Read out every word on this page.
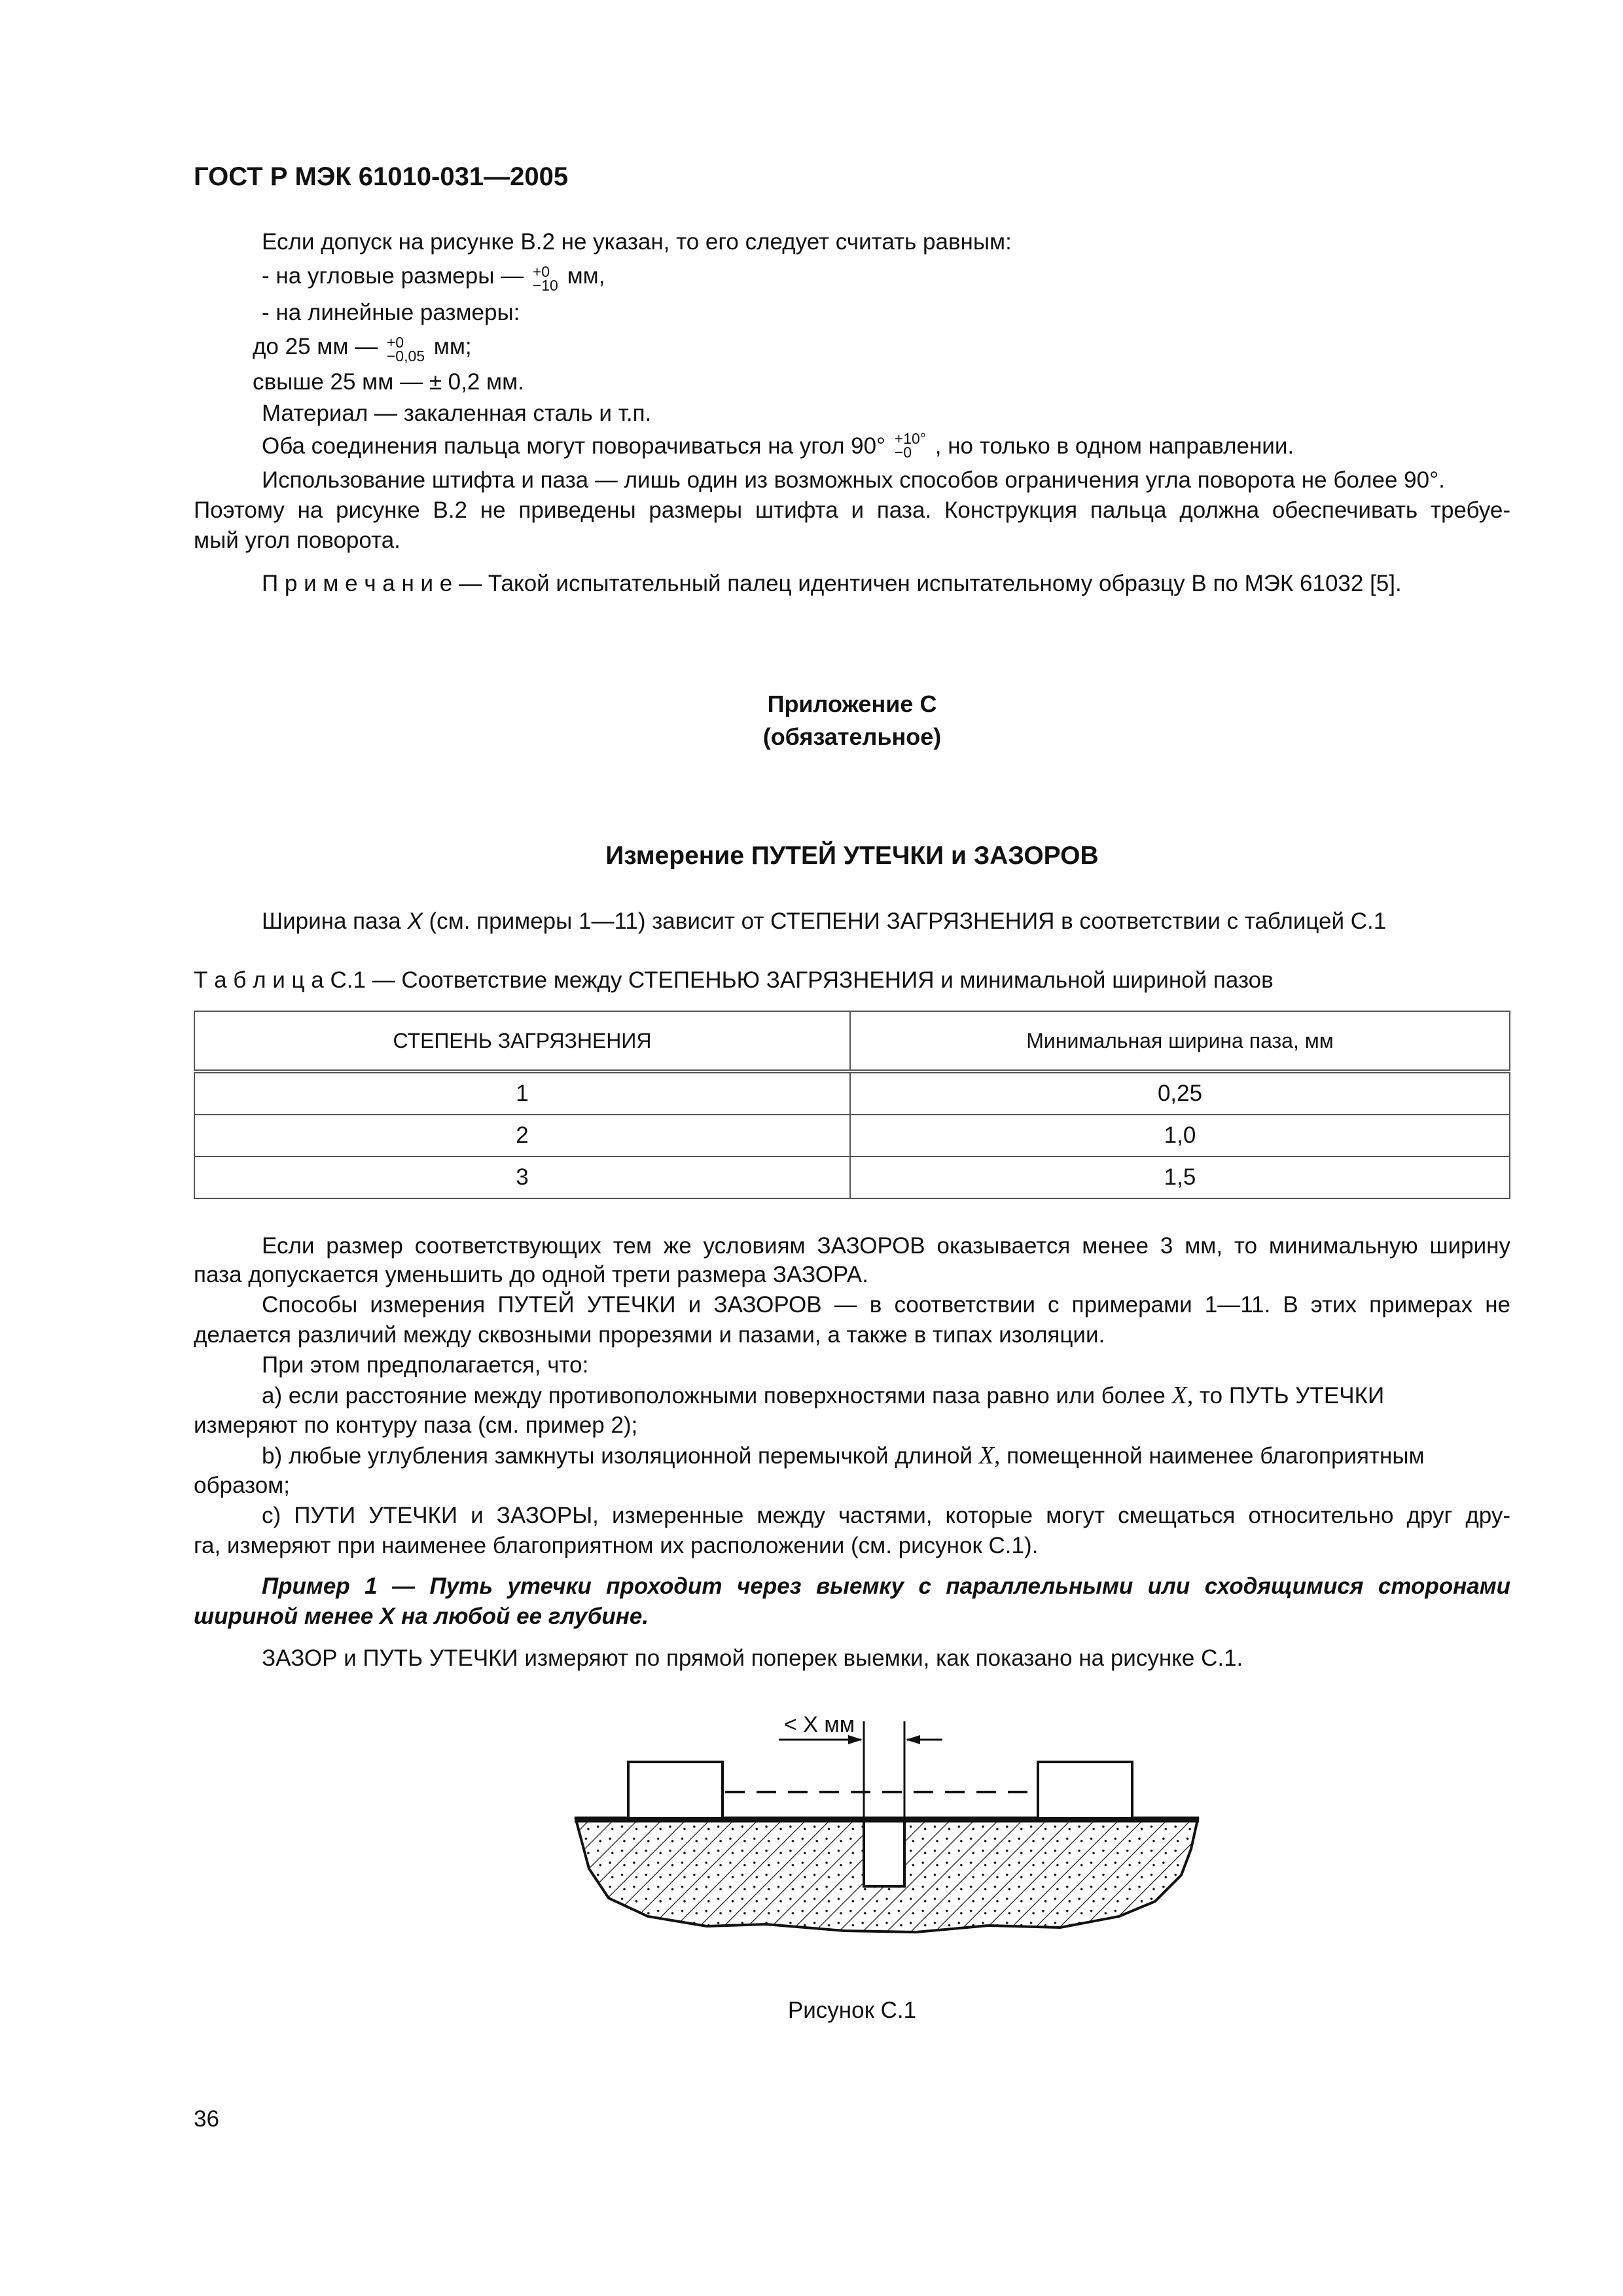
ГОСТ Р МЭК 61010-031—2005
Если допуск на рисунке В.2 не указан, то его следует считать равным:
- на угловые размеры — +0
−10 мм,
- на линейные размеры:
до 25 мм — +0
−0,05 мм;
свыше 25 мм — ± 0,2 мм.
Материал — закаленная сталь и т.п.
Оба соединения пальца могут поворачиваться на угол 90° +10°
−0	, но только в одном направлении.
Использование штифта и паза — лишь один из возможных способов ограничения угла поворота не более 90°.
Поэтому на рисунке В.2 не приведены размеры штифта и паза. Конструкция пальца должна обеспечивать требуе-
мый угол поворота.
П р и м е ч а н и е — Такой испытательный палец идентичен испытательному образцу В по МЭК 61032 [5].
Приложение С
(обязательное)
Измерение ПУТЕЙ УТЕЧКИ и ЗАЗОРОВ
Ширина паза X (см. примеры 1—11) зависит от СТЕПЕНИ ЗАГРЯЗНЕНИЯ в соответствии с таблицей С.1
Т а б л и ц а С.1 — Соответствие между СТЕПЕНЬЮ ЗАГРЯЗНЕНИЯ и минимальной шириной пазов
СТЕПЕНЬ ЗАГРЯЗНЕНИЯ	Минимальная ширина паза, мм
1	0,25
2	1,0
3	1,5
Если размер соответствующих тем же условиям ЗАЗОРОВ оказывается менее 3 мм, то минимальную ширину
паза допускается уменьшить до одной трети размера ЗАЗОРА.
Способы измерения ПУТЕЙ УТЕЧКИ и ЗАЗОРОВ — в соответствии с примерами 1—11. В этих примерах не
делается различий между сквозными прорезями и пазами, а также в типах изоляции.
При этом предполагается, что:
a) если расстояние между противоположными поверхностями паза равно или более X, то ПУТЬ УТЕЧКИ
измеряют по контуру паза (см. пример 2);
b) любые углубления замкнуты изоляционной перемычкой длиной X, помещенной наименее благоприятным
образом;
c) ПУТИ УТЕЧКИ и ЗАЗОРЫ, измеренные между частями, которые могут смещаться относительно друг дру-
га, измеряют при наименее благоприятном их расположении (см. рисунок С.1).
Пример 1 — Путь утечки проходит через выемку с параллельными или сходящимися сторонами
шириной менее X на любой ее глубине.
ЗАЗОР и ПУТЬ УТЕЧКИ измеряют по прямой поперек выемки, как показано на рисунке С.1.
< X мм
Рисунок С.1
36
